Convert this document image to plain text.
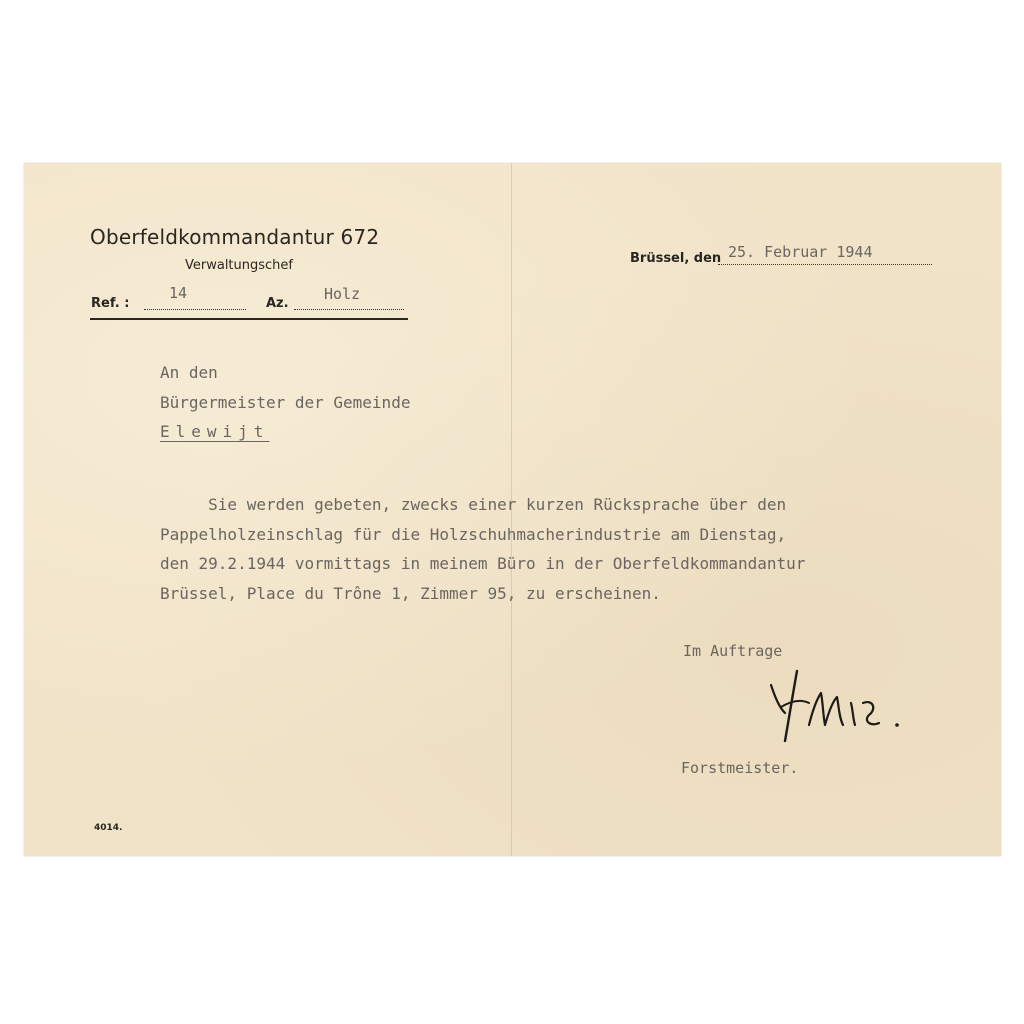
Oberfeldkommandantur 672
Verwaltungschef
Ref. :
14
Az.
Holz
Brüssel, den 25. Februar 1944
An den
Bürgermeister der Gemeinde
Elewijt
Sie werden gebeten, zwecks einer kurzen Rücksprache über den
Pappelholzeinschlag für die Holzschuhmacherindustrie am Dienstag,
den 29.2.1944 vormittags in meinem Büro in der Oberfeldkommandantur
Brüssel, Place du Trône 1, Zimmer 95, zu erscheinen.
Im Auftrage
Forstmeister.
4014.
